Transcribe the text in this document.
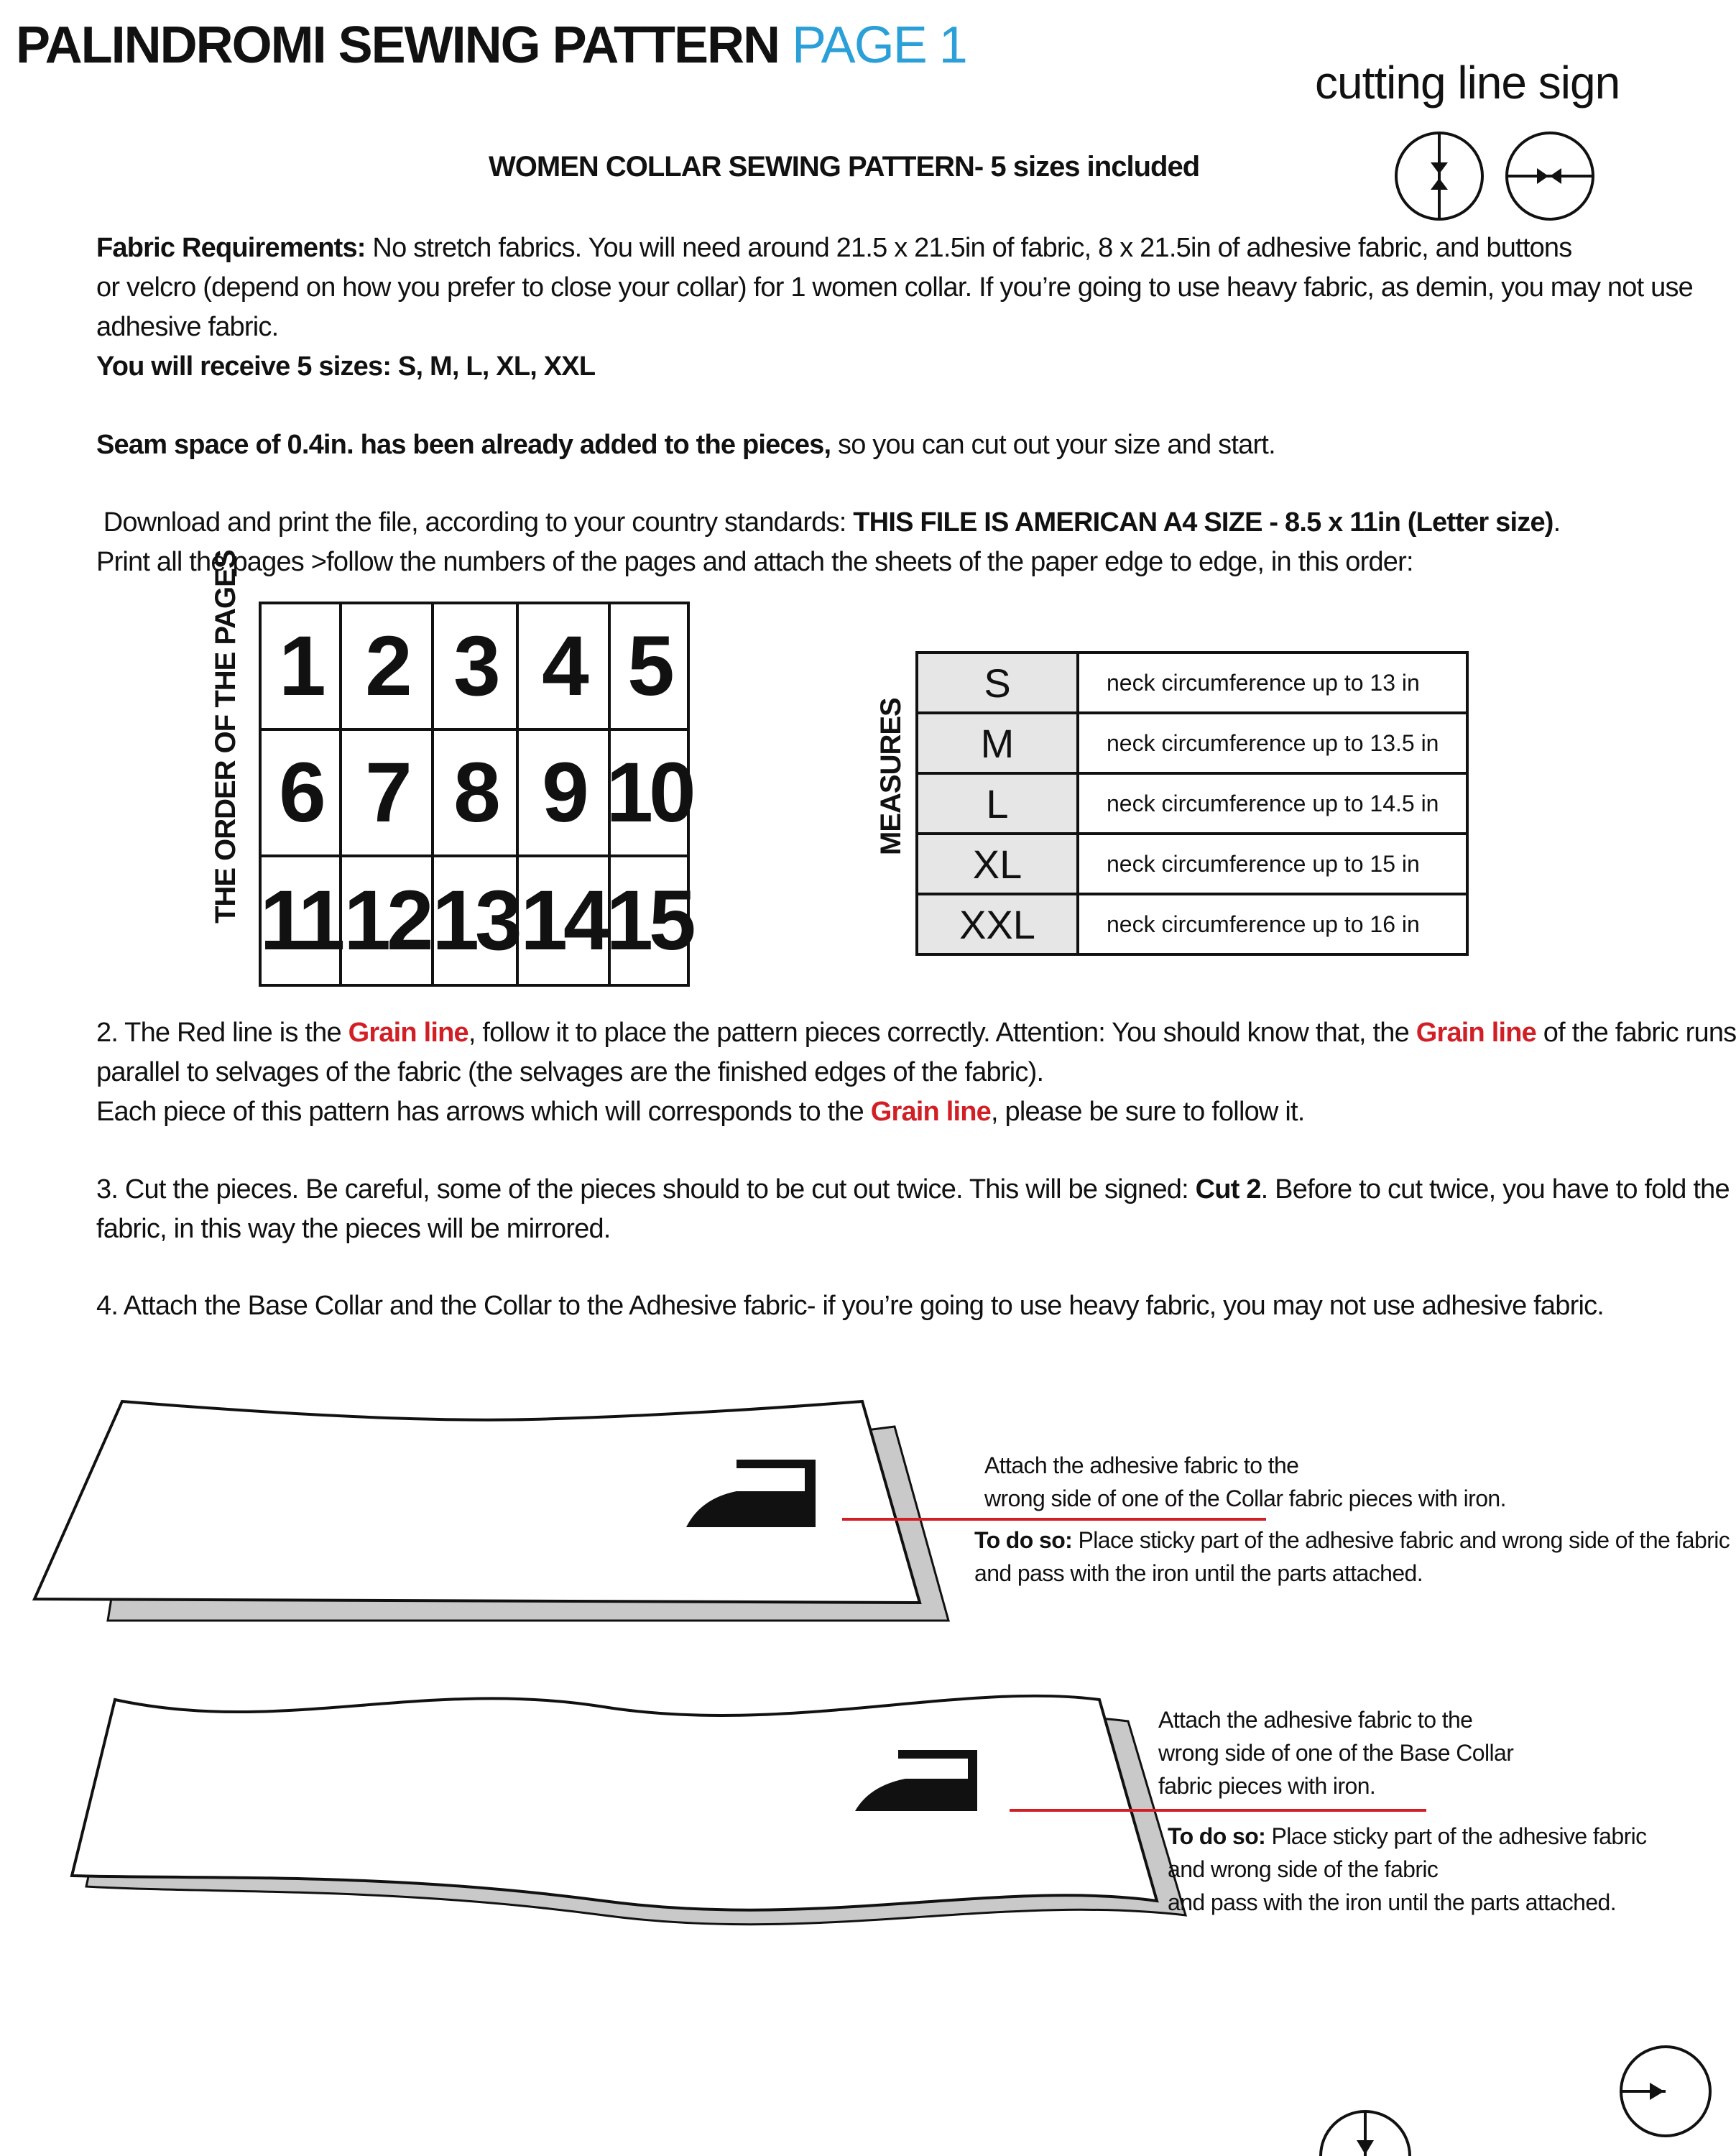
PALINDROMI SEWING PATTERN PAGE 1
cutting line sign
WOMEN COLLAR SEWING PATTERN- 5 sizes included
Fabric Requirements: No stretch fabrics. You will need around 21.5 x 21.5in of fabric, 8 x 21.5in of adhesive fabric, and buttons
or velcro (depend on how you prefer to close your collar) for 1 women collar. If you’re going to use heavy fabric, as demin, you may not use
adhesive fabric.
You will receive 5 sizes: S, M, L, XL, XXL
Seam space of 0.4in. has been already added to the pieces, so you can cut out your size and start.
Download and print the file, according to your country standards: THIS FILE IS AMERICAN A4 SIZE - 8.5 x 11in (Letter size).
Print all the pages >follow the numbers of the pages and attach the sheets of the paper edge to edge, in this order:
THE ORDER OF THE PAGES 1 2 3 4 5
6 7 8 9 10
11 12 13 14 15
MEASURES
S	neck circumference up to 13 in
M	neck circumference up to 13.5 in
L	neck circumference up to 14.5 in
XL	neck circumference up to 15 in
XXL	neck circumference up to 16 in
2. The Red line is the Grain line, follow it to place the pattern pieces correctly. Attention: You should know that, the Grain line of the fabric runs
parallel to selvages of the fabric (the selvages are the finished edges of the fabric).
Each piece of this pattern has arrows which will corresponds to the Grain line, please be sure to follow it.
3. Cut the pieces. Be careful, some of the pieces should to be cut out twice. This will be signed: Cut 2. Before to cut twice, you have to fold the
fabric, in this way the pieces will be mirrored.
4. Attach the Base Collar and the Collar to the Adhesive fabric- if you’re going to use heavy fabric, you may not use adhesive fabric.
Attach the adhesive fabric to the
wrong side of one of the Collar fabric pieces with iron.
To do so: Place sticky part of the adhesive fabric and wrong side of the fabric
and pass with the iron until the parts attached.
Attach the adhesive fabric to the
wrong side of one of the Base Collar
fabric pieces with iron.
To do so: Place sticky part of the adhesive fabric
and wrong side of the fabric
and pass with the iron until the parts attached.
